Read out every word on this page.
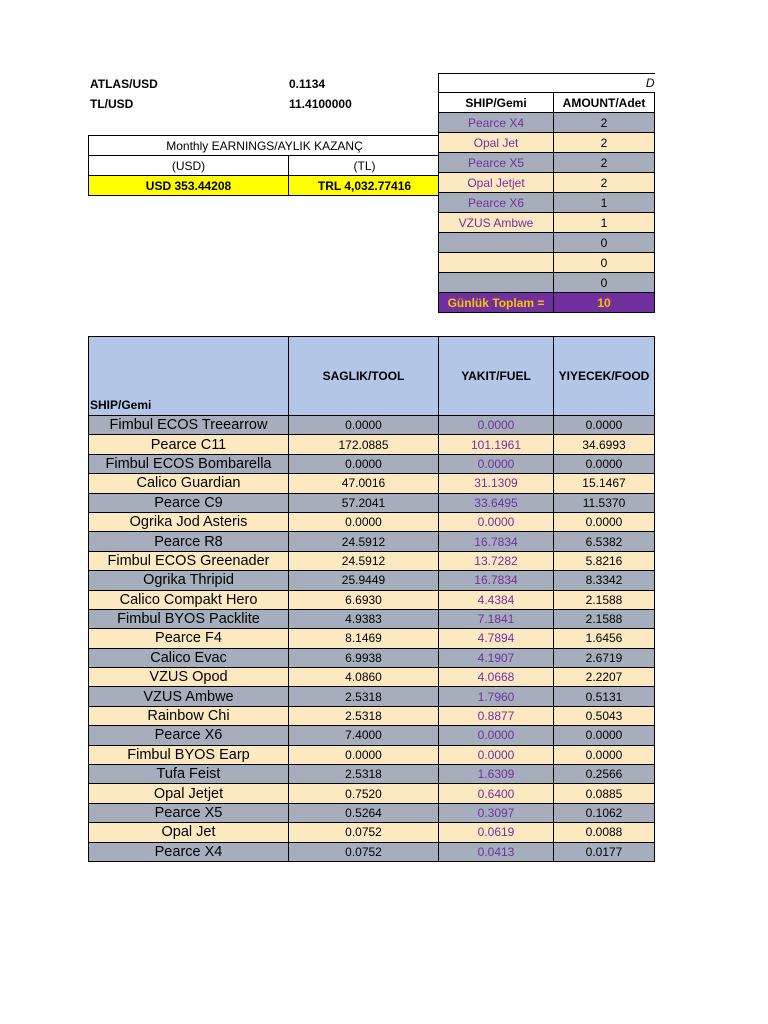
ATLAS/USD	0.1134
TL/USD	11.4100000
Monthly EARNINGS/AYLIK KAZANÇ	
(USD)	(TL)
USD 353.44208	TRL 4,032.77416
D	
SHIP/Gemi	AMOUNT/Adet
Pearce X4	2
Opal Jet	2
Pearce X5	2
Opal Jetjet	2
Pearce X6	1
VZUS Ambwe	1
	0
	0
	0
Günlük Toplam =	10
SHIP/Gemi	SAGLIK/TOOL	YAKIT/FUEL	YIYECEK/FOOD
Fimbul ECOS Treearrow	0.0000	0.0000	0.0000
Pearce C11	172.0885	101.1961	34.6993
Fimbul ECOS Bombarella	0.0000	0.0000	0.0000
Calico Guardian	47.0016	31.1309	15.1467
Pearce C9	57.2041	33.6495	11.5370
Ogrika Jod Asteris	0.0000	0.0000	0.0000
Pearce R8	24.5912	16.7834	6.5382
Fimbul ECOS Greenader	24.5912	13.7282	5.8216
Ogrika Thripid	25.9449	16.7834	8.3342
Calico Compakt Hero	6.6930	4.4384	2.1588
Fimbul BYOS Packlite	4.9383	7.1841	2.1588
Pearce F4	8.1469	4.7894	1.6456
Calico Evac	6.9938	4.1907	2.6719
VZUS Opod	4.0860	4.0668	2.2207
VZUS Ambwe	2.5318	1.7960	0.5131
Rainbow Chi	2.5318	0.8877	0.5043
Pearce X6	7.4000	0.0000	0.0000
Fimbul BYOS Earp	0.0000	0.0000	0.0000
Tufa Feist	2.5318	1.6309	0.2566
Opal Jetjet	0.7520	0.6400	0.0885
Pearce X5	0.5264	0.3097	0.1062
Opal Jet	0.0752	0.0619	0.0088
Pearce X4	0.0752	0.0413	0.0177
